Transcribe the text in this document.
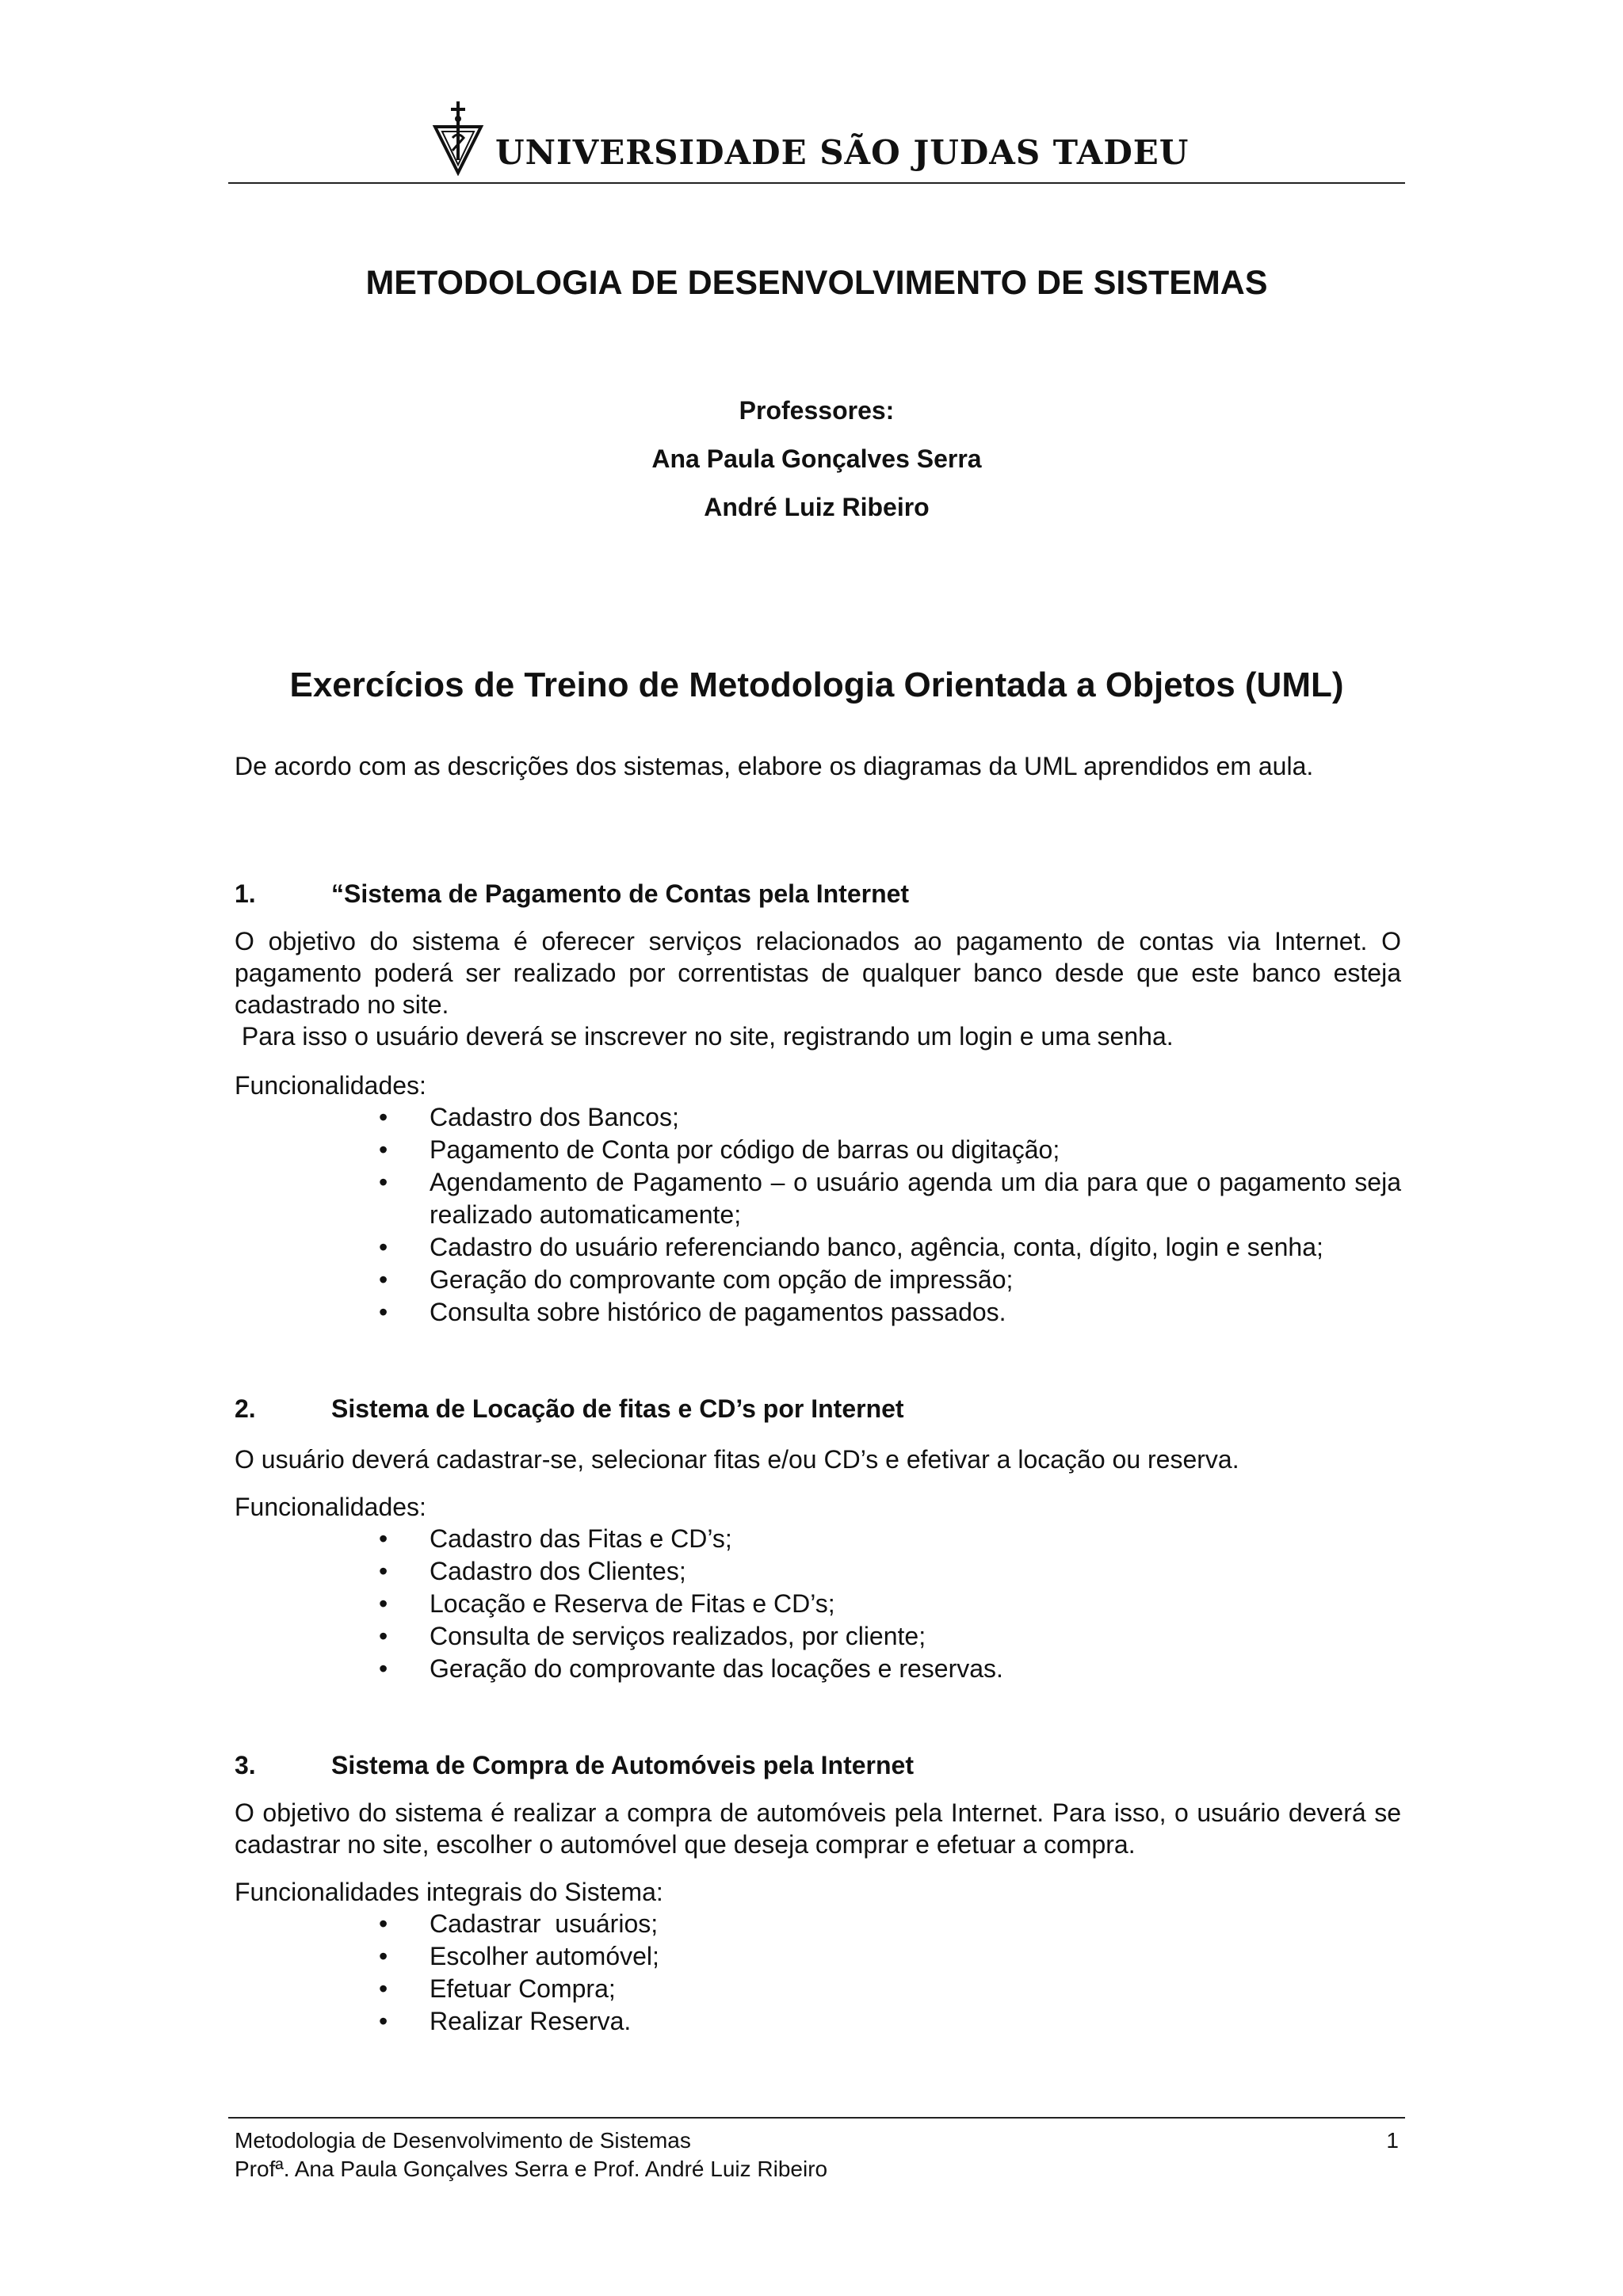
UNIVERSIDADE SÃO JUDAS TADEU
METODOLOGIA DE DESENVOLVIMENTO DE SISTEMAS
Professores:
Ana Paula Gonçalves Serra
André Luiz Ribeiro
Exercícios de Treino de Metodologia Orientada a Objetos (UML)
De acordo com as descrições dos sistemas, elabore os diagramas da UML aprendidos em aula.
1.	“Sistema de Pagamento de Contas pela Internet
O objetivo do sistema é oferecer serviços relacionados ao pagamento de contas via Internet. O pagamento poderá ser realizado por correntistas de qualquer banco desde que este banco esteja cadastrado no site.
Para isso o usuário deverá se inscrever no site, registrando um login e uma senha.
Funcionalidades:
• Cadastro dos Bancos;
• Pagamento de Conta por código de barras ou digitação;
• Agendamento de Pagamento – o usuário agenda um dia para que o pagamento seja realizado automaticamente;
• Cadastro do usuário referenciando banco, agência, conta, dígito, login e senha;
• Geração do comprovante com opção de impressão;
• Consulta sobre histórico de pagamentos passados.
2.	Sistema de Locação de fitas e CD’s por Internet
O usuário deverá cadastrar-se, selecionar fitas e/ou CD’s e efetivar a locação ou reserva.
Funcionalidades:
• Cadastro das Fitas e CD’s;
• Cadastro dos Clientes;
• Locação e Reserva de Fitas e CD’s;
• Consulta de serviços realizados, por cliente;
• Geração do comprovante das locações e reservas.
3.	Sistema de Compra de Automóveis pela Internet
O objetivo do sistema é realizar a compra de automóveis pela Internet. Para isso, o usuário deverá se cadastrar no site, escolher o automóvel que deseja comprar e efetuar a compra.
Funcionalidades integrais do Sistema:
• Cadastrar  usuários;
• Escolher automóvel;
• Efetuar Compra;
• Realizar Reserva.
Metodologia de Desenvolvimento de Sistemas
Profª. Ana Paula Gonçalves Serra e Prof. André Luiz Ribeiro
1
